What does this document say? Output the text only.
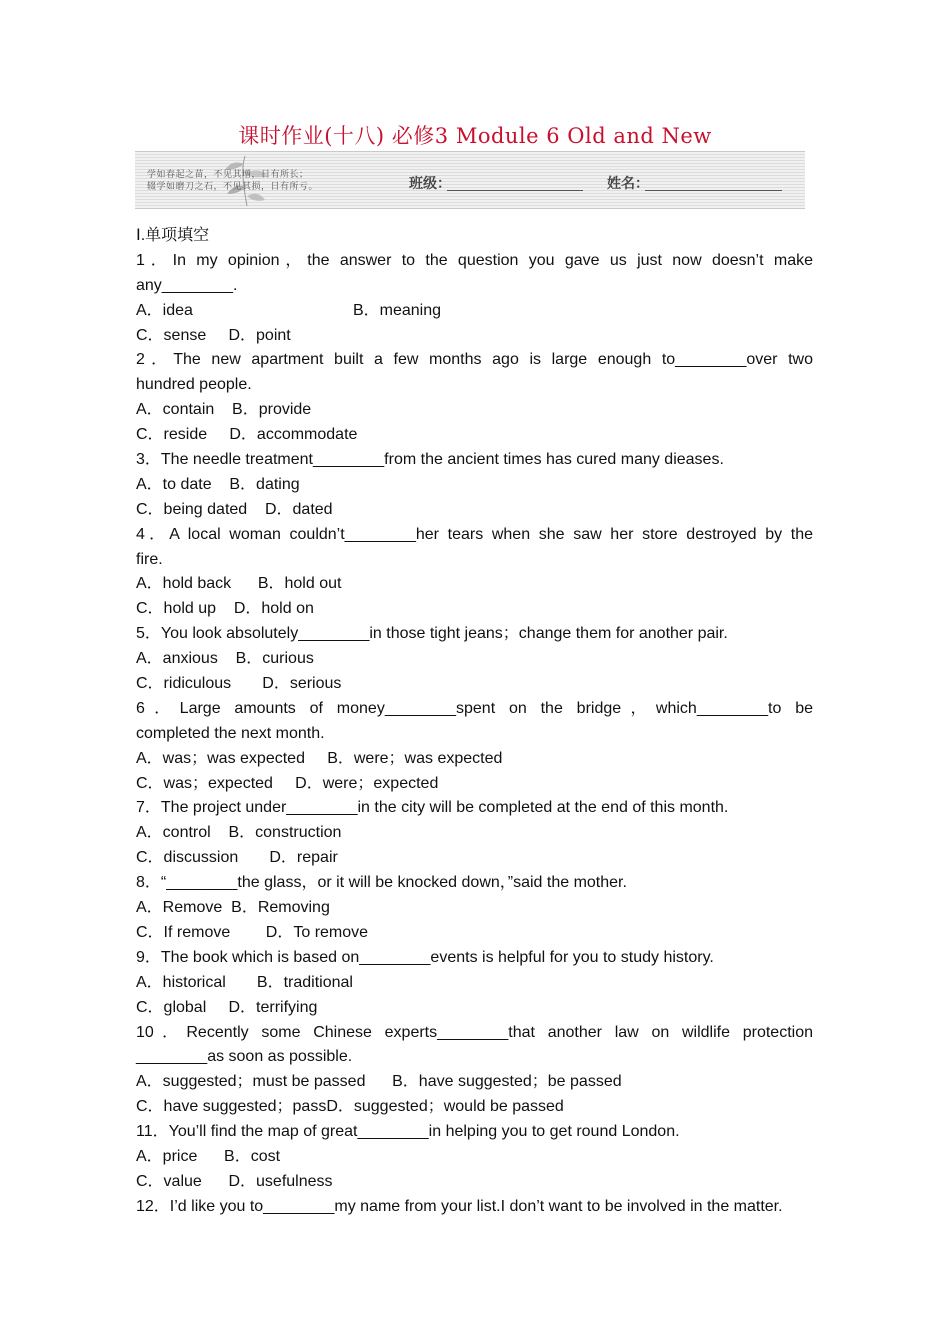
课时作业(十八) 必修3 Module 6 Old and New
学如春起之苗，不见其增，日有所长；
辍学如磨刀之石，不见其损，日有所亏。	班级：	姓名：
Ⅰ.单项填空
1．In my opinion，the answer to the question you gave us just now doesn’t make
any________.
A．idea                                    B．meaning
C．sense     D．point
2．The new apartment built a few months ago is large enough to________over two
hundred people.
A．contain    B．provide
C．reside     D．accommodate
3．The needle treatment________from the ancient times has cured many dieases.
A．to date    B．dating
C．being dated    D．dated
4．A local woman couldn’t________her tears when she saw her store destroyed by the
fire.
A．hold back      B．hold out
C．hold up    D．hold on
5．You look absolutely________in those tight jeans；change them for another pair.
A．anxious    B．curious
C．ridiculous       D．serious
6．Large amounts of money________spent on the bridge，which________to be
completed the next month.
A．was；was expected     B．were；was expected
C．was；expected     D．were；expected
7．The project under________in the city will be completed at the end of this month.
A．control    B．construction
C．discussion       D．repair
8．“________the glass，or it will be knocked down，”said the mother.
A．Remove  B．Removing
C．If remove        D．To remove
9．The book which is based on________events is helpful for you to study history.
A．historical       B．traditional
C．global     D．terrifying
10．Recently some Chinese experts________that another law on wildlife protection
________as soon as possible.
A．suggested；must be passed      B．have suggested；be passed
C．have suggested；passD．suggested；would be passed
11．You’ll find the map of great________in helping you to get round London.
A．price      B．cost
C．value      D．usefulness
12．I’d like you to________my name from your list.I don’t want to be involved in the matter.
